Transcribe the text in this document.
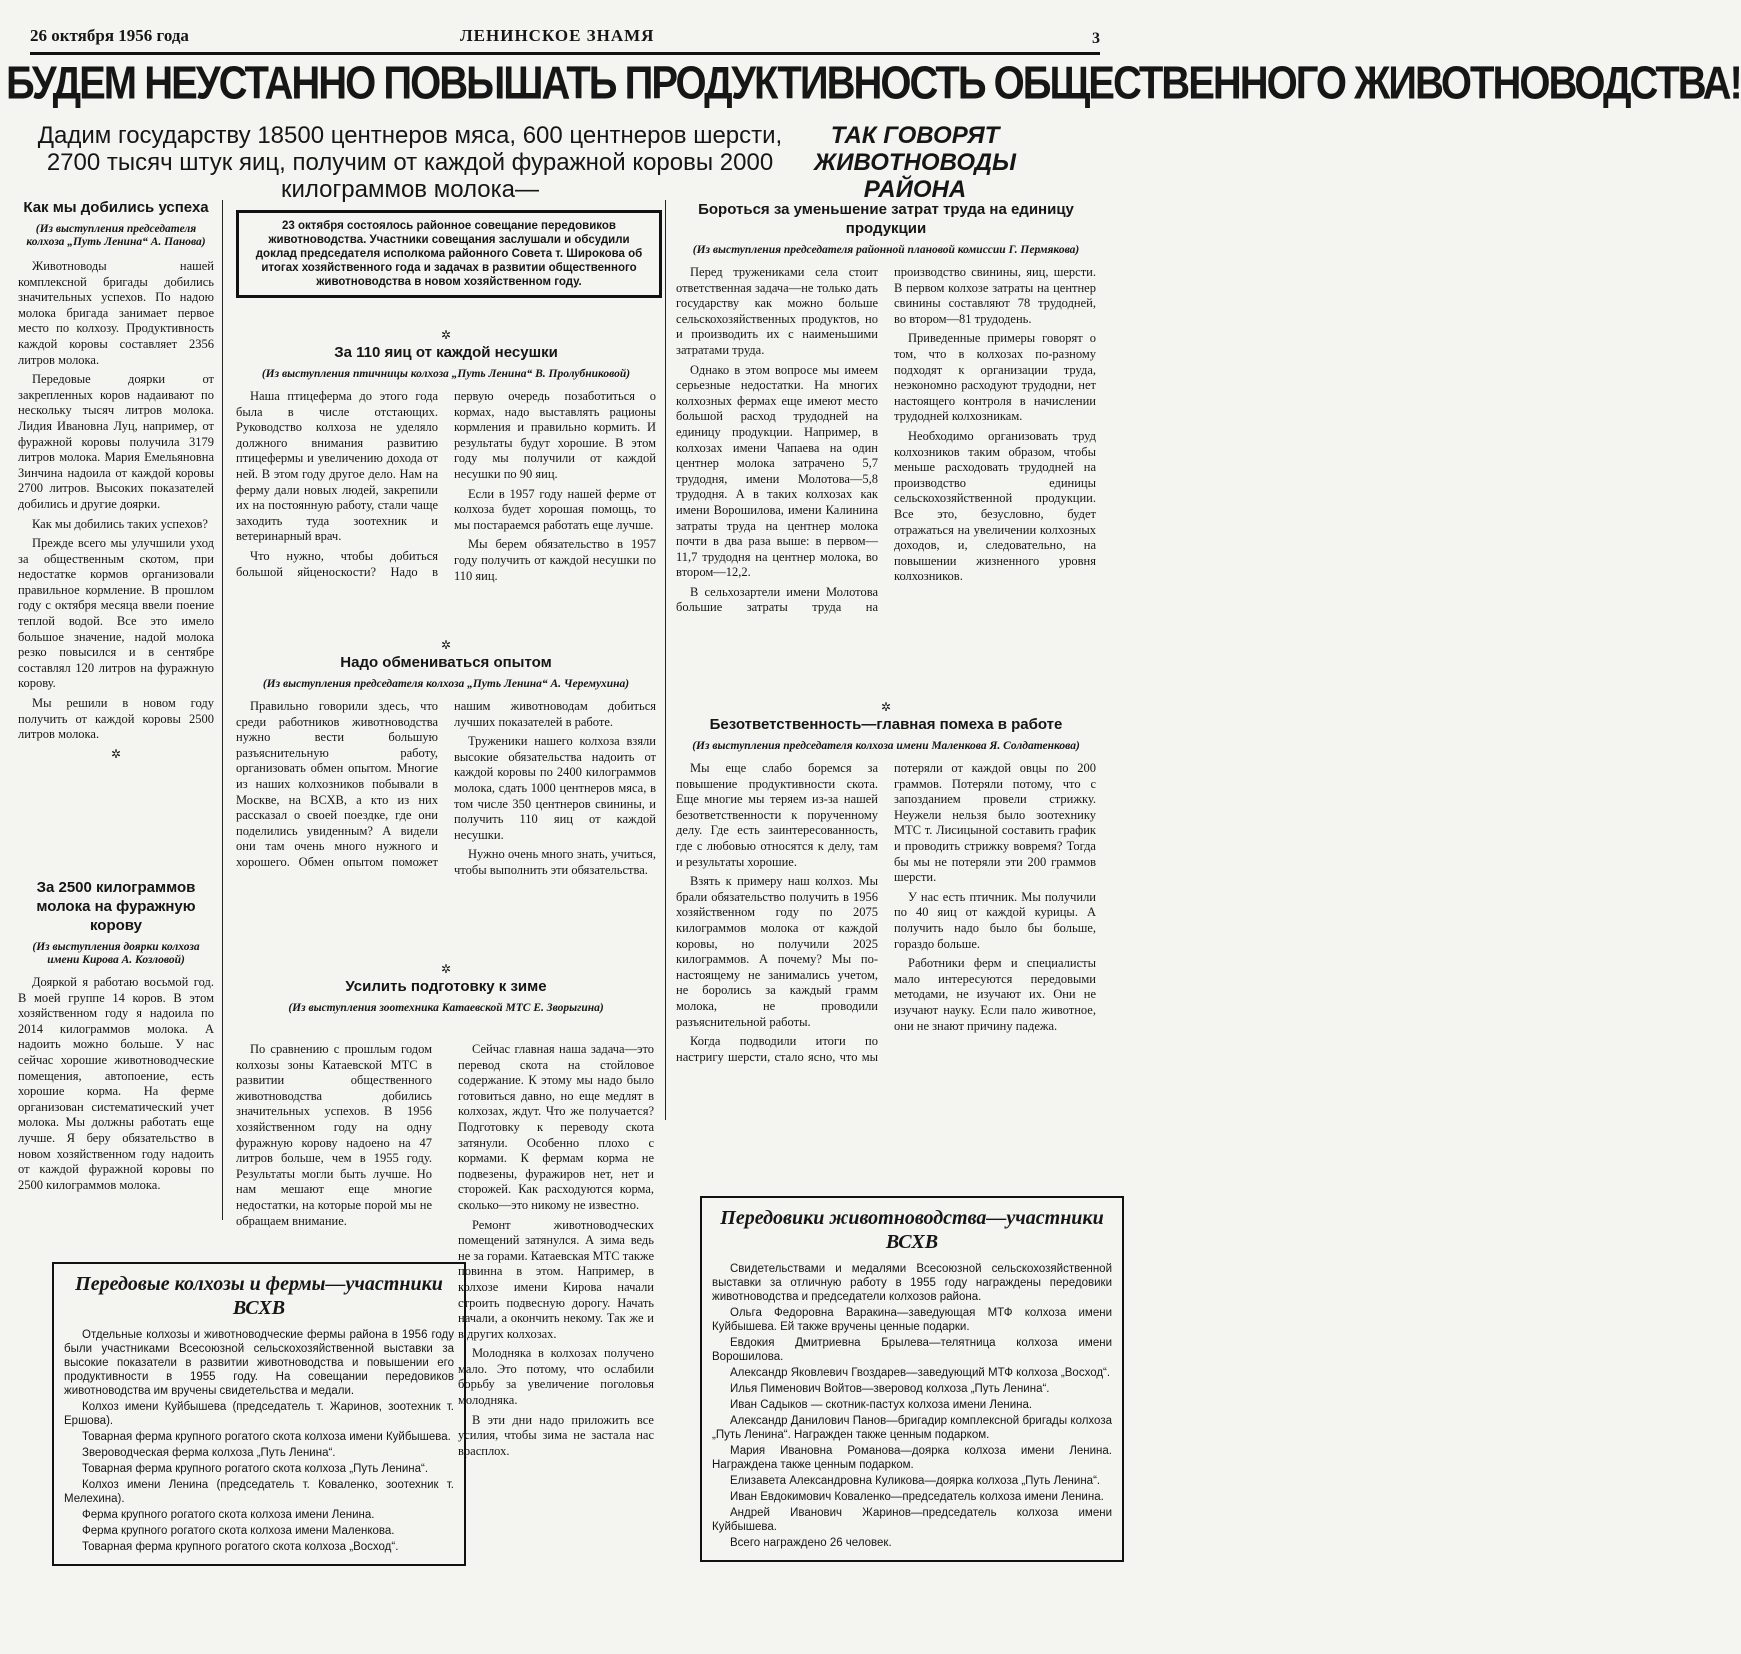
26 октября 1956 года	ЛЕНИНСКОЕ ЗНАМЯ	3
БУДЕМ НЕУСТАННО ПОВЫШАТЬ ПРОДУКТИВНОСТЬ ОБЩЕСТВЕННОГО ЖИВОТНОВОДСТВА!
Дадим государству 18500 центнеров мяса, 600 центнеров шерсти, 2700 тысяч штук яиц, получим от каждой фуражной коровы 2000 килограммов молока—
ТАК ГОВОРЯТ ЖИВОТНОВОДЫ РАЙОНА
Как мы добились успеха
(Из выступления председателя колхоза „Путь Ленина“ А. Панова)

Животноводы нашей комплексной бригады добились значительных успехов. По надою молока бригада занимает первое место по колхозу. Продуктивность каждой коровы составляет 2356 литров молока.

Передовые доярки от закрепленных коров надаивают по нескольку тысяч литров молока. Лидия Ивановна Луц, например, от фуражной коровы получила 3179 литров молока. Мария Емельяновна Зинчина надоила от каждой коровы 2700 литров. Высоких показателей добились и другие доярки.

Как мы добились таких успехов?

Прежде всего мы улучшили уход за общественным скотом, при недостатке кормов организовали правильное кормление. В прошлом году с октября месяца ввели поение теплой водой. Все это имело большое значение, надой молока резко повысился и в сентябре составлял 120 литров на фуражную корову.

Мы решили в новом году получить от каждой коровы 2500 литров молока.

✲
За 2500 килограммов молока на фуражную корову
(Из выступления доярки колхоза имени Кирова А. Козловой)

Дояркой я работаю восьмой год. В моей группе 14 коров. В этом хозяйственном году я надоила по 2014 килограммов молока. А надоить можно больше. У нас сейчас хорошие животноводческие помещения, автопоение, есть хорошие корма. На ферме организован систематический учет молока. Мы должны работать еще лучше. Я беру обязательство в новом хозяйственном году надоить от каждой фуражной коровы по 2500 килограммов молока.

23 октября состоялось районное совещание передовиков животноводства. Участники совещания заслушали и обсудили доклад председателя исполкома районного Совета т. Широкова об итогах хозяйственного года и задачах в развитии общественного животноводства в новом хозяйственном году.
✲
За 110 яиц от каждой несушки
(Из выступления птичницы колхоза „Путь Ленина“ В. Пролубниковой)

Наша птицеферма до этого года была в числе отстающих. Руководство колхоза не уделяло должного внимания развитию птицефермы и увеличению дохода от ней. В этом году другое дело. Нам на ферму дали новых людей, закрепили их на постоянную работу, стали чаще заходить туда зоотехник и ветеринарный врач.

Что нужно, чтобы добиться большой яйценоскости? Надо в первую очередь позаботиться о кормах, надо выставлять рационы кормления и правильно кормить. И результаты будут хорошие. В этом году мы получили от каждой несушки по 90 яиц.

Если в 1957 году нашей ферме от колхоза будет хорошая помощь, то мы постараемся работать еще лучше.

Мы берем обязательство в 1957 году получить от каждой несушки по 110 яиц.

✲
Надо обмениваться опытом
(Из выступления председателя колхоза „Путь Ленина“ А. Черемухина)

Правильно говорили здесь, что среди работников животноводства нужно вести большую разъяснительную работу, организовать обмен опытом. Многие из наших колхозников побывали в Москве, на ВСХВ, а кто из них рассказал о своей поездке, где они поделились увиденным? А видели они там очень много нужного и хорошего. Обмен опытом поможет нашим животноводам добиться лучших показателей в работе.

Труженики нашего колхоза взяли высокие обязательства надоить от каждой коровы по 2400 килограммов молока, сдать 1000 центнеров мяса, в том числе 350 центнеров свинины, и получить 110 яиц от каждой несушки.

Нужно очень много знать, учиться, чтобы выполнить эти обязательства.

✲
Усилить подготовку к зиме
(Из выступления зоотехника Катаевской МТС Е. Зворыгина)

По сравнению с прошлым годом колхозы зоны Катаевской МТС в развитии общественного животноводства добились значительных успехов. В 1956 хозяйственном году на одну фуражную корову надоено на 47 литров больше, чем в 1955 году. Результаты могли быть лучше. Но нам мешают еще многие недостатки, на которые порой мы не обращаем внимание.

Сейчас главная наша задача—это перевод скота на стойловое содержание. К этому мы надо было готовиться давно, но еще медлят в колхозах, ждут. Что же получается? Подготовку к переводу скота затянули. Особенно плохо с кормами. К фермам корма не подвезены, фуражиров нет, нет и сторожей. Как расходуются корма, сколько—это никому не известно.

Ремонт животноводческих помещений затянулся. А зима ведь не за горами. Катаевская МТС также повинна в этом. Например, в колхозе имени Кирова начали строить подвесную дорогу. Начать начали, а окончить некому. Так же и в других колхозах.

Молодняка в колхозах получено мало. Это потому, что ослабили борьбу за увеличение поголовья молодняка.

В эти дни надо приложить все усилия, чтобы зима не застала нас врасплох.

Передовые колхозы и фермы—участники ВСХВ

Отдельные колхозы и животноводческие фермы района в 1956 году были участниками Всесоюзной сельскохозяйственной выставки за высокие показатели в развитии животноводства и повышении его продуктивности в 1955 году. На совещании передовиков животноводства им вручены свидетельства и медали.

Колхоз имени Куйбышева (председатель т. Жаринов, зоотехник т. Ершова).

Товарная ферма крупного рогатого скота колхоза имени Куйбышева.

Звероводческая ферма колхоза „Путь Ленина“.

Товарная ферма крупного рогатого скота колхоза „Путь Ленина“.

Колхоз имени Ленина (председатель т. Коваленко, зоотехник т. Мелехина).

Ферма крупного рогатого скота колхоза имени Ленина.

Ферма крупного рогатого скота колхоза имени Маленкова.

Товарная ферма крупного рогатого скота колхоза „Восход“.

Бороться за уменьшение затрат труда на единицу продукции
(Из выступления председателя районной плановой комиссии Г. Пермякова)

Перед тружениками села стоит ответственная задача—не только дать государству как можно больше сельскохозяйственных продуктов, но и производить их с наименьшими затратами труда.

Однако в этом вопросе мы имеем серьезные недостатки. На многих колхозных фермах еще имеют место большой расход трудодней на единицу продукции. Например, в колхозах имени Чапаева на один центнер молока затрачено 5,7 трудодня, имени Молотова—5,8 трудодня. А в таких колхозах как имени Ворошилова, имени Калинина затраты труда на центнер молока почти в два раза выше: в первом—11,7 трудодня на центнер молока, во втором—12,2.

В сельхозартели имени Молотова большие затраты труда на производство свинины, яиц, шерсти. В первом колхозе затраты на центнер свинины составляют 78 трудодней, во втором—81 трудодень.

Приведенные примеры говорят о том, что в колхозах по-разному подходят к организации труда, неэкономно расходуют трудодни, нет настоящего контроля в начислении трудодней колхозникам.

Необходимо организовать труд колхозников таким образом, чтобы меньше расходовать трудодней на производство единицы сельскохозяйственной продукции. Все это, безусловно, будет отражаться на увеличении колхозных доходов, и, следовательно, на повышении жизненного уровня колхозников.

✲
Безответственность—главная помеха в работе
(Из выступления председателя колхоза имени Маленкова Я. Солдатенкова)

Мы еще слабо боремся за повышение продуктивности скота. Еще многие мы теряем из-за нашей безответственности к порученному делу. Где есть заинтересованность, где с любовью относятся к делу, там и результаты хорошие.

Взять к примеру наш колхоз. Мы брали обязательство получить в 1956 хозяйственном году по 2075 килограммов молока от каждой коровы, но получили 2025 килограммов. А почему? Мы по-настоящему не занимались учетом, не боролись за каждый грамм молока, не проводили разъяснительной работы.

Когда подводили итоги по настригу шерсти, стало ясно, что мы потеряли от каждой овцы по 200 граммов. Потеряли потому, что с запозданием провели стрижку. Неужели нельзя было зоотехнику МТС т. Лисицыной составить график и проводить стрижку вовремя? Тогда бы мы не потеряли эти 200 граммов шерсти.

У нас есть птичник. Мы получили по 40 яиц от каждой курицы. А получить надо было бы больше, гораздо больше.

Работники ферм и специалисты мало интересуются передовыми методами, не изучают их. Они не изучают науку. Если пало животное, они не знают причину падежа.

Передовики животноводства—участники ВСХВ

Свидетельствами и медалями Всесоюзной сельскохозяйственной выставки за отличную работу в 1955 году награждены передовики животноводства и председатели колхозов района.

Ольга Федоровна Варакина—заведующая МТФ колхоза имени Куйбышева. Ей также вручены ценные подарки.

Евдокия Дмитриевна Брылева—телятница колхоза имени Ворошилова.

Александр Яковлевич Гвоздарев—заведующий МТФ колхоза „Восход“.

Илья Пименович Войтов—зверовод колхоза „Путь Ленина“.

Иван Садыков — скотник-пастух колхоза имени Ленина.

Александр Данилович Панов—бригадир комплексной бригады колхоза „Путь Ленина“. Награжден также ценным подарком.

Мария Ивановна Романова—доярка колхоза имени Ленина. Награждена также ценным подарком.

Елизавета Александровна Куликова—доярка колхоза „Путь Ленина“.

Иван Евдокимович Коваленко—председатель колхоза имени Ленина.

Андрей Иванович Жаринов—председатель колхоза имени Куйбышева.

Всего награждено 26 человек.
